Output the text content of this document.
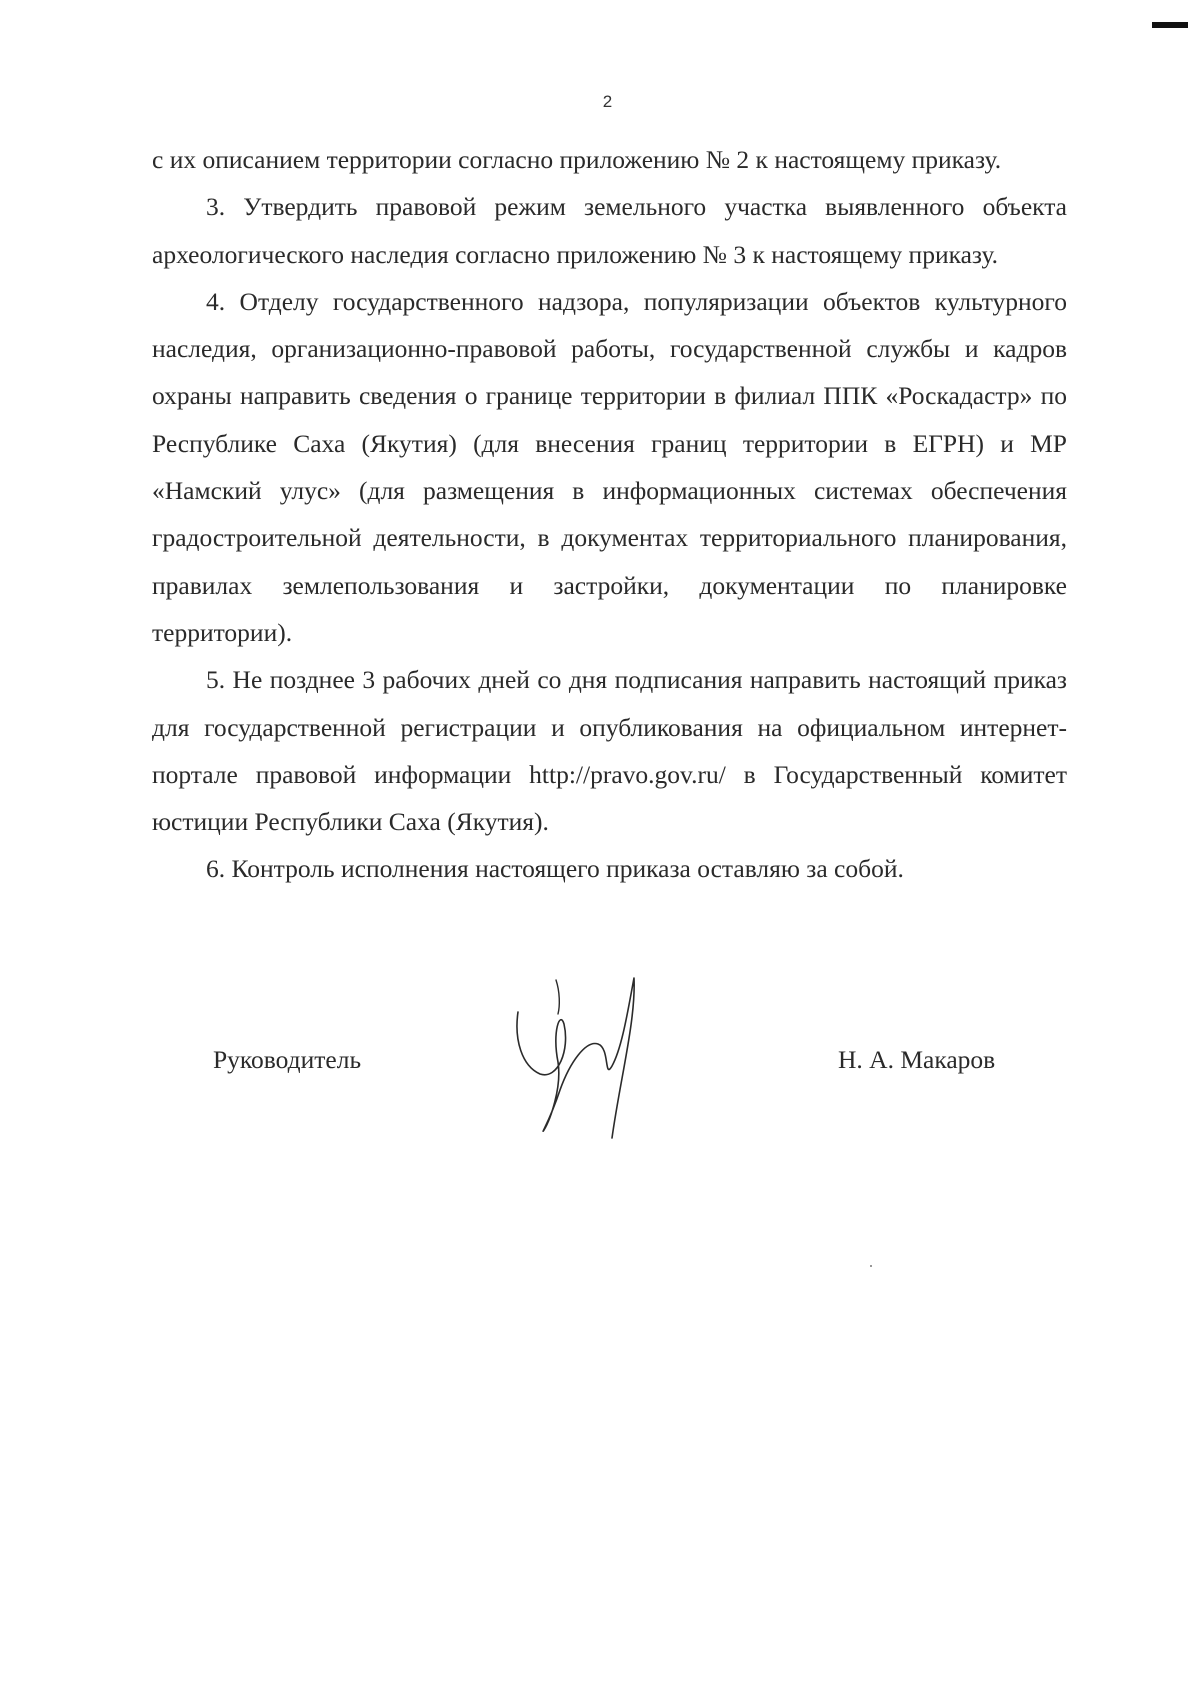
2

с их описанием территории согласно приложению № 2 к настоящему приказу.

3. Утвердить правовой режим земельного участка выявленного объекта археологического наследия согласно приложению № 3 к настоящему приказу.

4. Отделу государственного надзора, популяризации объектов культурного наследия, организационно-правовой работы, государственной службы и кадров охраны направить сведения о границе территории в филиал ППК «Роскадастр» по Республике Саха (Якутия) (для внесения границ территории в ЕГРН) и МР «Намский улус» (для размещения в информационных системах обеспечения градостроительной деятельности, в документах территориального планирования, правилах землепользования и застройки, документации по планировке территории).

5. Не позднее 3 рабочих дней со дня подписания направить настоящий приказ для государственной регистрации и опубликования на официальном интернет-портале правовой информации http://pravo.gov.ru/ в Государственный комитет юстиции Республики Саха (Якутия).

6. Контроль исполнения настоящего приказа оставляю за собой.

Руководитель	Н. А. Макаров
